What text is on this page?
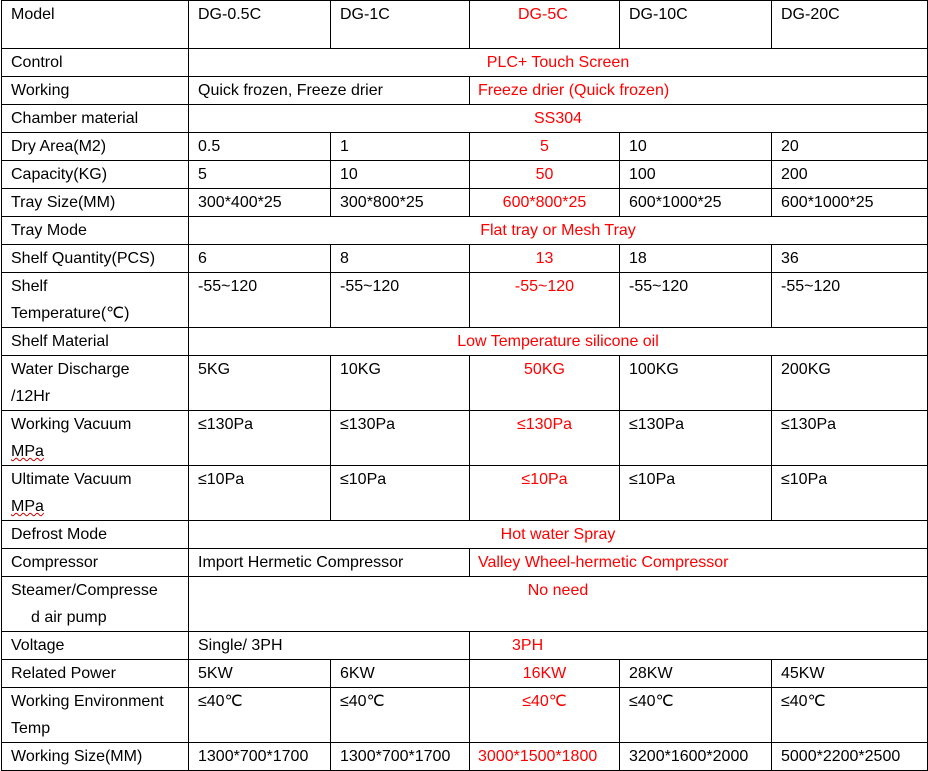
Model	DG-0.5C	DG-1C	DG-5C	DG-10C	DG-20C
Control	PLC+ Touch Screen				
Working	Quick frozen, Freeze drier		Freeze drier (Quick frozen)		
Chamber material	SS304				
Dry Area(M2)	0.5	1	5	10	20
Capacity(KG)	5	10	50	100	200
Tray Size(MM)	300*400*25	300*800*25	600*800*25	600*1000*25	600*1000*25
Tray Mode	Flat tray or Mesh Tray				
Shelf Quantity(PCS)	6	8	13	18	36

Shelf
Temperature(℃)	-55~120	-55~120	-55~120	-55~120	-55~120
Shelf Material	Low Temperature silicone oil				

Water Discharge
/12Hr	5KG	10KG	50KG	100KG	200KG

Working Vacuum
MPa	≤130Pa	≤130Pa	≤130Pa	≤130Pa	≤130Pa

Ultimate Vacuum
MPa	≤10Pa	≤10Pa	≤10Pa	≤10Pa	≤10Pa
Defrost Mode	Hot water Spray				
Compressor	Import Hermetic Compressor		Valley Wheel-hermetic Compressor		

Steamer/Compresse
d air pump	No need				
Voltage	Single/ 3PH		3PH		
Related Power	5KW	6KW	16KW	28KW	45KW

Working Environment
Temp	≤40℃	≤40℃	≤40℃	≤40℃	≤40℃
Working Size(MM)	1300*700*1700	1300*700*1700	3000*1500*1800	3200*1600*2000	5000*2200*2500
